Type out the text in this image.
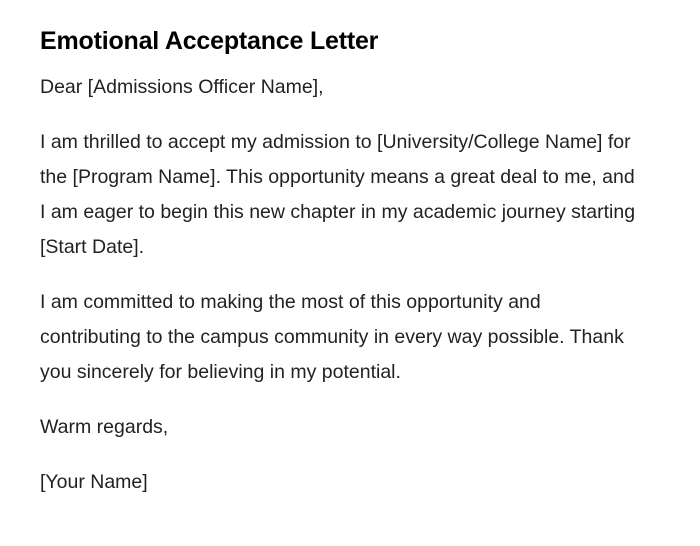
Emotional Acceptance Letter

Dear [Admissions Officer Name],

I am thrilled to accept my admission to [University/College Name] for the [Program Name]. This opportunity means a great deal to me, and I am eager to begin this new chapter in my academic journey starting [Start Date].

I am committed to making the most of this opportunity and contributing to the campus community in every way possible. Thank you sincerely for believing in my potential.

Warm regards,

[Your Name]
